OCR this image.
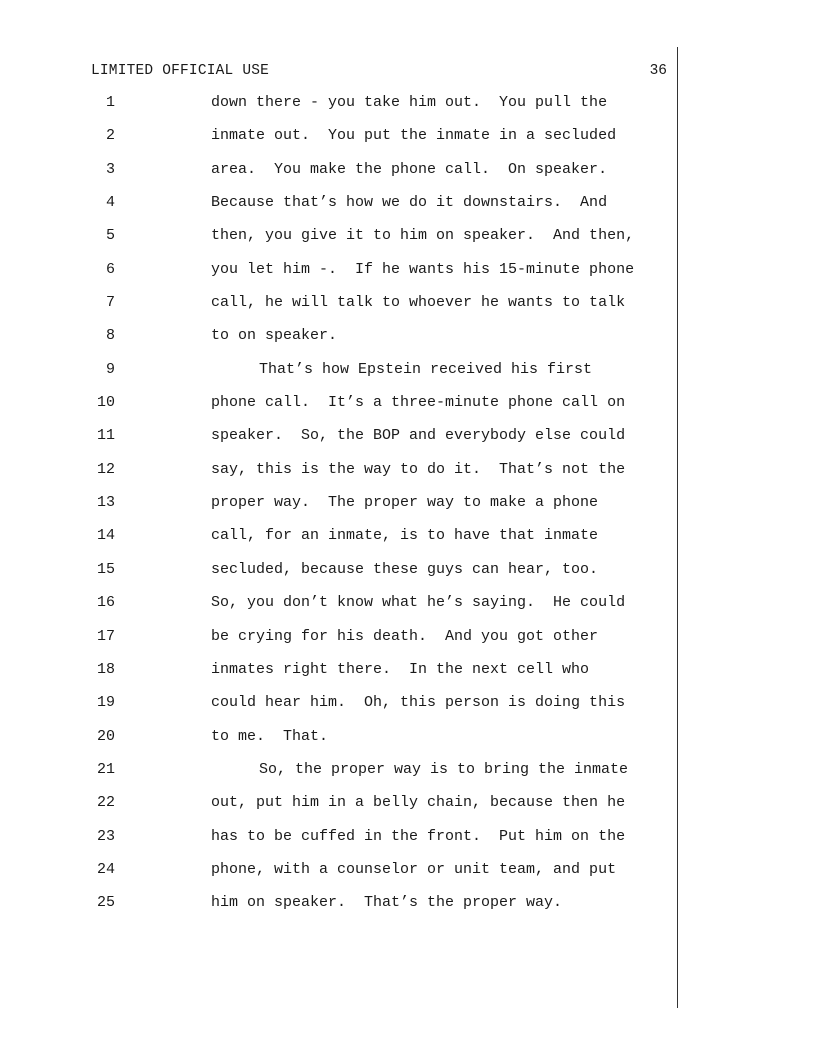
LIMITED OFFICIAL USE	36
1	down there - you take him out.  You pull the
2	inmate out.  You put the inmate in a secluded
3	area.  You make the phone call.  On speaker.
4	Because that’s how we do it downstairs.  And
5	then, you give it to him on speaker.  And then,
6	you let him -.  If he wants his 15-minute phone
7	call, he will talk to whoever he wants to talk
8	to on speaker.
9	That’s how Epstein received his first
10	phone call.  It’s a three-minute phone call on
11	speaker.  So, the BOP and everybody else could
12	say, this is the way to do it.  That’s not the
13	proper way.  The proper way to make a phone
14	call, for an inmate, is to have that inmate
15	secluded, because these guys can hear, too.
16	So, you don’t know what he’s saying.  He could
17	be crying for his death.  And you got other
18	inmates right there.  In the next cell who
19	could hear him.  Oh, this person is doing this
20	to me.  That.
21	So, the proper way is to bring the inmate
22	out, put him in a belly chain, because then he
23	has to be cuffed in the front.  Put him on the
24	phone, with a counselor or unit team, and put
25	him on speaker.  That’s the proper way.
